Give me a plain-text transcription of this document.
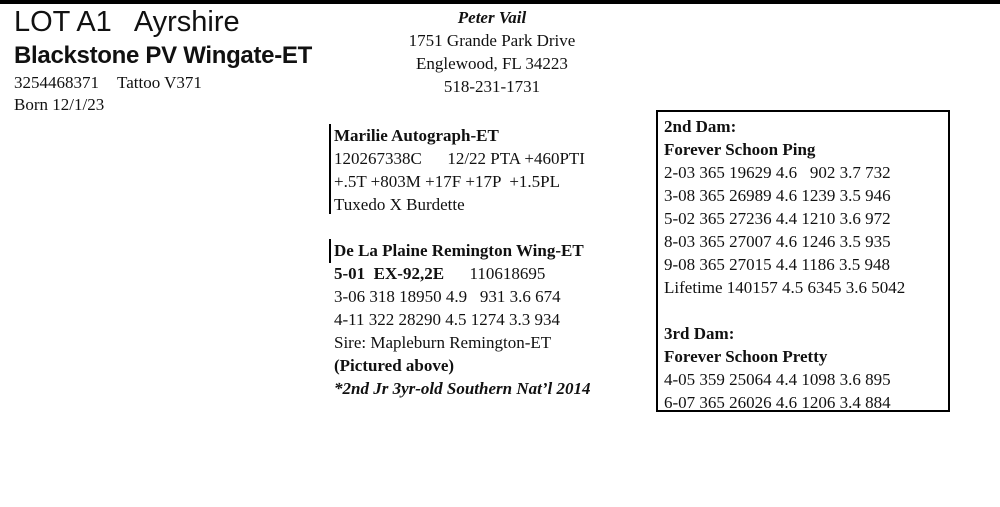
LOT A1 Ayrshire
Blackstone PV Wingate-ET
3254468371 Tattoo V371
Born 12/1/23
Peter Vail
1751 Grande Park Drive
Englewood, FL 34223
518-231-1731
Marilie Autograph-ET
120267338C      12/22 PTA +460PTI
+.5T +803M +17F +17P  +1.5PL
Tuxedo X Burdette
De La Plaine Remington Wing-ET
5-01  EX-92,2E 110618695
3-06 318 18950 4.9   931 3.6 674
4-11 322 28290 4.5 1274 3.3 934
Sire: Mapleburn Remington-ET
(Pictured above)
*2nd Jr 3yr-old Southern Nat’l 2014
2nd Dam:
Forever Schoon Ping
2-03 365 19629 4.6   902 3.7 732
3-08 365 26989 4.6 1239 3.5 946
5-02 365 27236 4.4 1210 3.6 972
8-03 365 27007 4.6 1246 3.5 935
9-08 365 27015 4.4 1186 3.5 948
Lifetime 140157 4.5 6345 3.6 5042
3rd Dam:
Forever Schoon Pretty
4-05 359 25064 4.4 1098 3.6 895
6-07 365 26026 4.6 1206 3.4 884
